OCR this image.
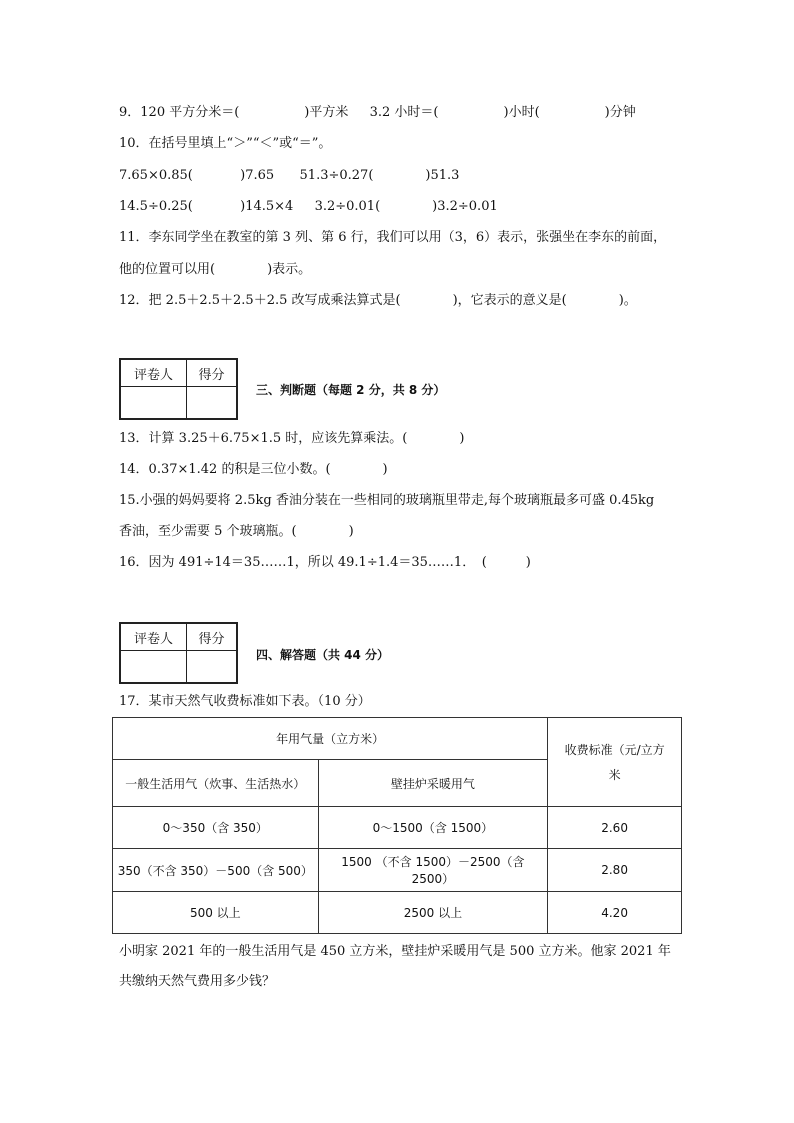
9．120 平方分米＝(　　　　　)平方米　  3.2 小时＝(　　　　　)小时(　　　　　)分钟
10．在括号里填上“＞”“＜”或“＝”。
7.65×0.85(　　　  )7.65　   51.3÷0.27(　　　　)51.3
14.5÷0.25(　　　  )14.5×4　  3.2÷0.01(　　　　)3.2÷0.01
11．李东同学坐在教室的第 3 列、第 6 行，我们可以用（3，6）表示，张强坐在李东的前面，
他的位置可以用(　　　　)表示。
12．把 2.5＋2.5＋2.5＋2.5 改写成乘法算式是(　　　　)，它表示的意义是(　　　　)。
评卷人	得分
三、判断题（每题 2 分，共 8 分）
13．计算 3.25＋6.75×1.5 时，应该先算乘法。(　　　　)
14．0.37×1.42 的积是三位小数。(　　　　)
15.小强的妈妈要将 2.5kg 香油分装在一些相同的玻璃瓶里带走,每个玻璃瓶最多可盛 0.45kg
香油，至少需要 5 个玻璃瓶。(　　　　)
16．因为 491÷14＝35……1，所以 49.1÷1.4＝35……1．　(　　　)
评卷人	得分
四、解答题（共 44 分）
17．某市天然气收费标准如下表。（10 分）
年用气量（立方米）		收费标准（元/立方
米

一般生活用气（炊事、生活热水）	壁挂炉采暖用气	
0～350（含 350）	0～1500（含 1500）	2.60
350（不含 350）－500（含 500）	1500 （不含 1500）－2500（含 2500）	2.80
500 以上	2500 以上	4.20
小明家 2021 年的一般生活用气是 450 立方米，壁挂炉采暖用气是 500 立方米。他家 2021 年
共缴纳天然气费用多少钱？
